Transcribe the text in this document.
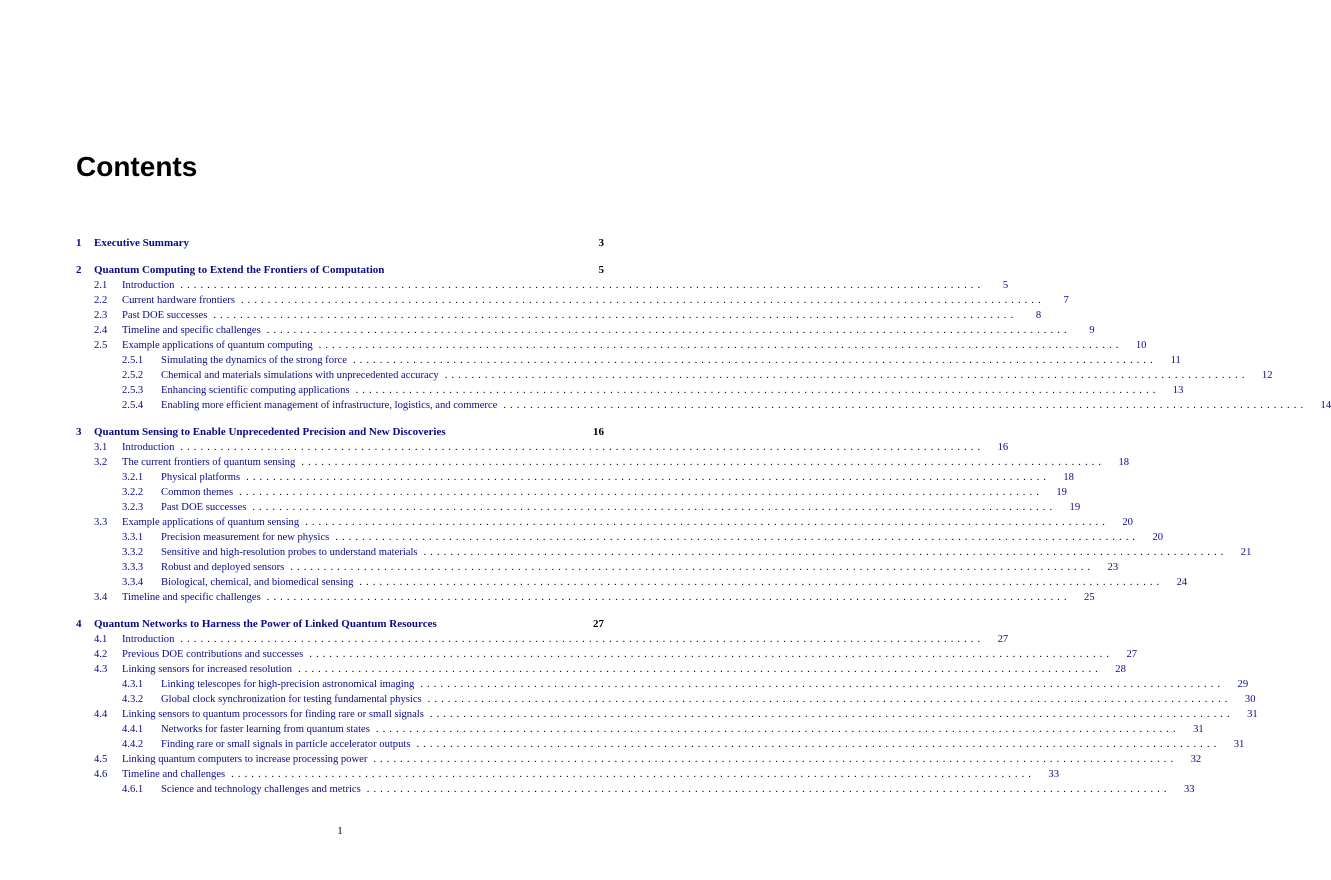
Contents
1	Executive Summary	3
2	Quantum Computing to Extend the Frontiers of Computation	5
2.1	Introduction ........................................................................................................................	5
2.2	Current hardware frontiers ........................................................................................................................	7
2.3	Past DOE successes ........................................................................................................................	8
2.4	Timeline and specific challenges ........................................................................................................................	9
2.5	Example applications of quantum computing ........................................................................................................................	10
2.5.1	Simulating the dynamics of the strong force ........................................................................................................................	11
2.5.2	Chemical and materials simulations with unprecedented accuracy ........................................................................................................................	12
2.5.3	Enhancing scientific computing applications ........................................................................................................................	13
2.5.4	Enabling more efficient management of infrastructure, logistics, and commerce ........................................................................................................................	14
3	Quantum Sensing to Enable Unprecedented Precision and New Discoveries	16
3.1	Introduction ........................................................................................................................	16
3.2	The current frontiers of quantum sensing ........................................................................................................................	18
3.2.1	Physical platforms ........................................................................................................................	18
3.2.2	Common themes ........................................................................................................................	19
3.2.3	Past DOE successes ........................................................................................................................	19
3.3	Example applications of quantum sensing ........................................................................................................................	20
3.3.1	Precision measurement for new physics ........................................................................................................................	20
3.3.2	Sensitive and high-resolution probes to understand materials ........................................................................................................................	21
3.3.3	Robust and deployed sensors ........................................................................................................................	23
3.3.4	Biological, chemical, and biomedical sensing ........................................................................................................................	24
3.4	Timeline and specific challenges ........................................................................................................................	25
4	Quantum Networks to Harness the Power of Linked Quantum Resources	27
4.1	Introduction ........................................................................................................................	27
4.2	Previous DOE contributions and successes ........................................................................................................................	27
4.3	Linking sensors for increased resolution ........................................................................................................................	28
4.3.1	Linking telescopes for high-precision astronomical imaging ........................................................................................................................	29
4.3.2	Global clock synchronization for testing fundamental physics ........................................................................................................................	30
4.4	Linking sensors to quantum processors for finding rare or small signals ........................................................................................................................	31
4.4.1	Networks for faster learning from quantum states ........................................................................................................................	31
4.4.2	Finding rare or small signals in particle accelerator outputs ........................................................................................................................	31
4.5	Linking quantum computers to increase processing power ........................................................................................................................	32
4.6	Timeline and challenges ........................................................................................................................	33
4.6.1	Science and technology challenges and metrics ........................................................................................................................	33
1
